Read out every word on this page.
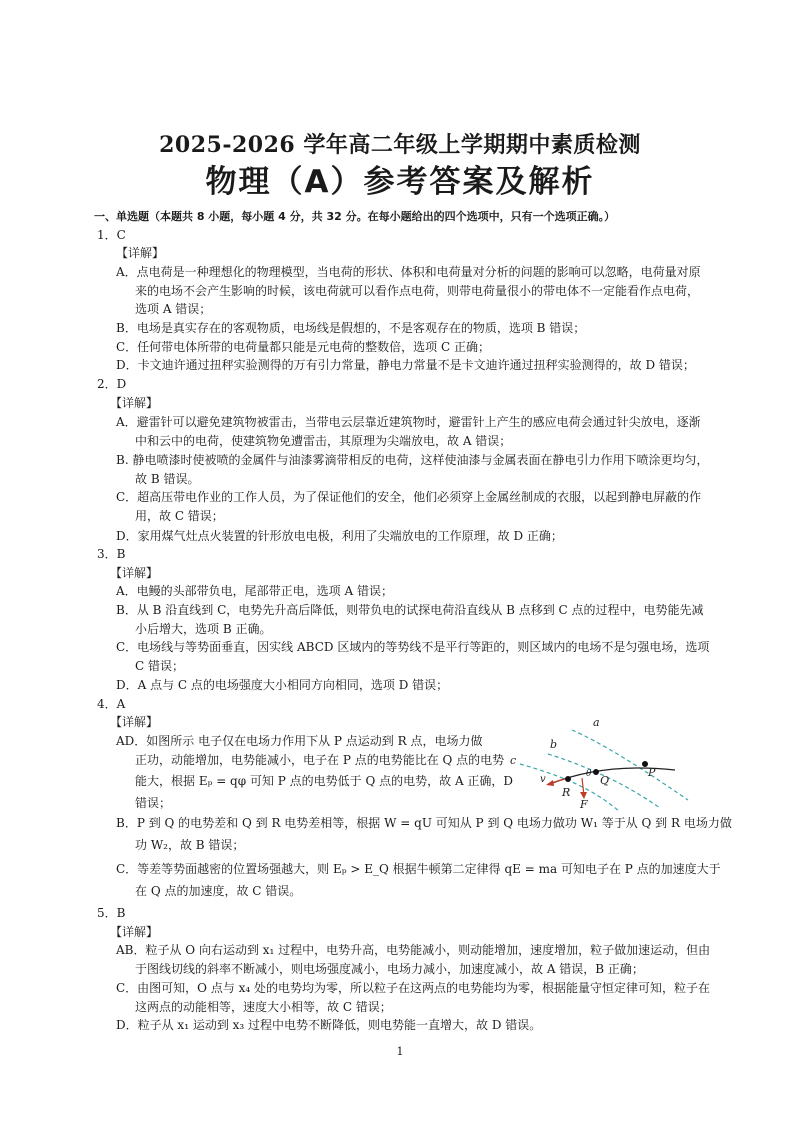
2025-2026 学年高二年级上学期期中素质检测
物理（A）参考答案及解析
一、单选题（本题共 8 小题，每小题 4 分，共 32 分。在每小题给出的四个选项中，只有一个选项正确。）
1．C
【详解】
A．点电荷是一种理想化的物理模型，当电荷的形状、体积和电荷量对分析的问题的影响可以忽略，电荷量对原
来的电场不会产生影响的时候，该电荷就可以看作点电荷，则带电荷量很小的带电体不一定能看作点电荷，
选项 A 错误；
B．电场是真实存在的客观物质，电场线是假想的，不是客观存在的物质，选项 B 错误；
C．任何带电体所带的电荷量都只能是元电荷的整数倍，选项 C 正确；
D．卡文迪许通过扭秤实验测得的万有引力常量，静电力常量不是卡文迪许通过扭秤实验测得的，故 D 错误；
2．D
【详解】
A．避雷针可以避免建筑物被雷击，当带电云层靠近建筑物时，避雷针上产生的感应电荷会通过针尖放电，逐渐
中和云中的电荷，使建筑物免遭雷击，其原理为尖端放电，故 A 错误；
B. 静电喷漆时使被喷的金属件与油漆雾滴带相反的电荷，这样使油漆与金属表面在静电引力作用下喷涂更均匀，
故 B 错误。
C．超高压带电作业的工作人员，为了保证他们的安全，他们必须穿上金属丝制成的衣服，以起到静电屏蔽的作
用，故 C 错误；
D．家用煤气灶点火装置的针形放电电极，利用了尖端放电的工作原理，故 D 正确；
3．B
【详解】
A．电鳗的头部带负电，尾部带正电，选项 A 错误；
B．从 B 沿直线到 C，电势先升高后降低，则带负电的试探电荷沿直线从 B 点移到 C 点的过程中，电势能先减
小后增大，选项 B 正确。
C．电场线与等势面垂直，因实线 ABCD 区域内的等势线不是平行等距的，则区域内的电场不是匀强电场，选项
C 错误；
D．A 点与 C 点的电场强度大小相同方向相同，选项 D 错误；
4．A
【详解】
AD．如图所示 电子仅在电场力作用下从 P 点运动到 R 点，电场力做
正功，动能增加，电势能减小，电子在 P 点的电势能比在 Q 点的电势
能大，根据 Eₚ = qφ 可知 P 点的电势低于 Q 点的电势，故 A 正确，D
错误；
B．P 到 Q 的电势差和 Q 到 R 电势差相等，根据 W = qU 可知从 P 到 Q 电场力做功 W₁ 等于从 Q 到 R 电场力做
功 W₂，故 B 错误；
C．等差等势面越密的位置场强越大，则 Eₚ > E_Q 根据牛顿第二定律得 qE = ma 可知电子在 P 点的加速度大于
在 Q 点的加速度，故 C 错误。
a
b
c
P
Q
R
F
v	θ
5．B
【详解】
AB．粒子从 O 向右运动到 x₁ 过程中，电势升高，电势能减小，则动能增加，速度增加，粒子做加速运动，但由
于图线切线的斜率不断减小，则电场强度减小，电场力减小，加速度减小，故 A 错误，B 正确；
C．由图可知，O 点与 x₄ 处的电势均为零，所以粒子在这两点的电势能均为零，根据能量守恒定律可知，粒子在
这两点的动能相等，速度大小相等，故 C 错误；
D．粒子从 x₁ 运动到 x₃ 过程中电势不断降低，则电势能一直增大，故 D 错误。
1
